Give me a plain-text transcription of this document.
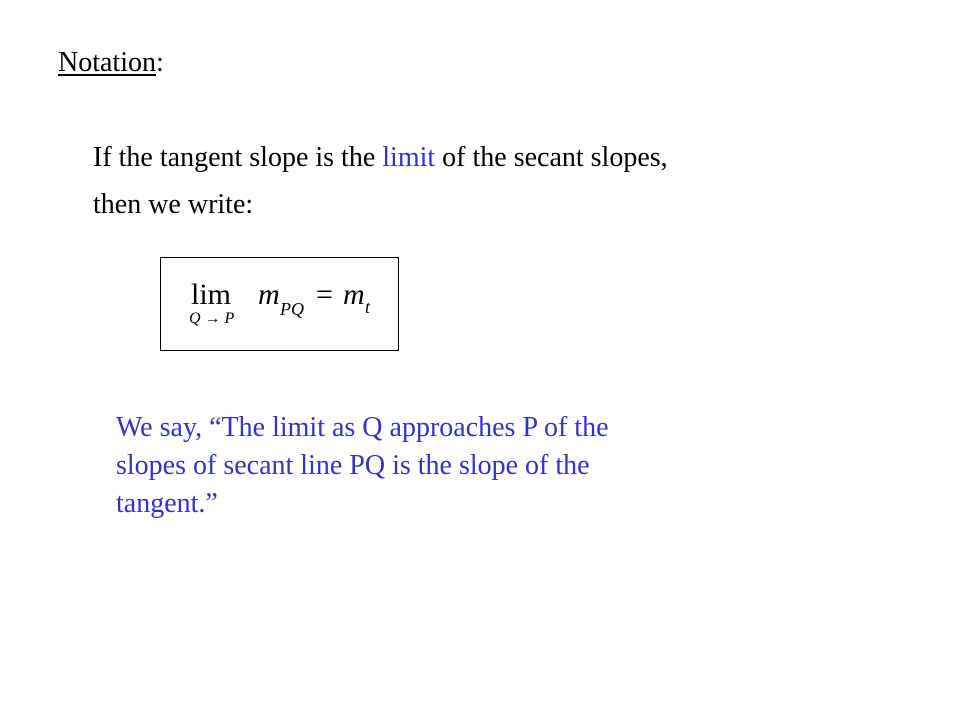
Notation:
If the tangent slope is the limit of the secant slopes,
then we write:
lim
Q → P
m PQ = m t
We say, “The limit as Q approaches P of the
slopes of secant line PQ is the slope of the
tangent.”
